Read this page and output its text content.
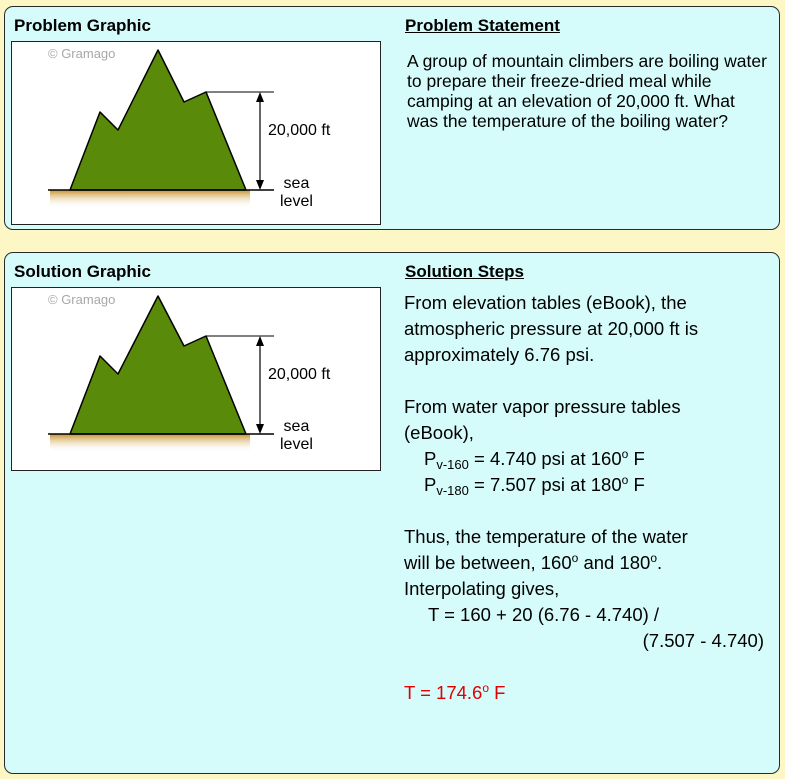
Problem Graphic	Problem Statement
© Gramago
20,000 ft
sea
level
A group of mountain climbers are boiling water to prepare their freeze-dried meal while camping at an elevation of 20,000 ft. What was the temperature of the boiling water?
Solution Graphic	Solution Steps
© Gramago
20,000 ft
sea
level
From elevation tables (eBook), the
atmospheric pressure at 20,000 ft is
approximately 6.76 psi.
From water vapor pressure tables
(eBook),
$P_{v-160} = 4.740$ psi at 160$^o$ F
$P_{v-180} = 7.507$ psi at 180$^o$ F
Thus, the temperature of the water
will be between, 160$^o$ and 180$^o$.
Interpolating gives,
T = 160 + 20 (6.76 - 4.740) /
(7.507 - 4.740)
$T = 174.6^o$ F
